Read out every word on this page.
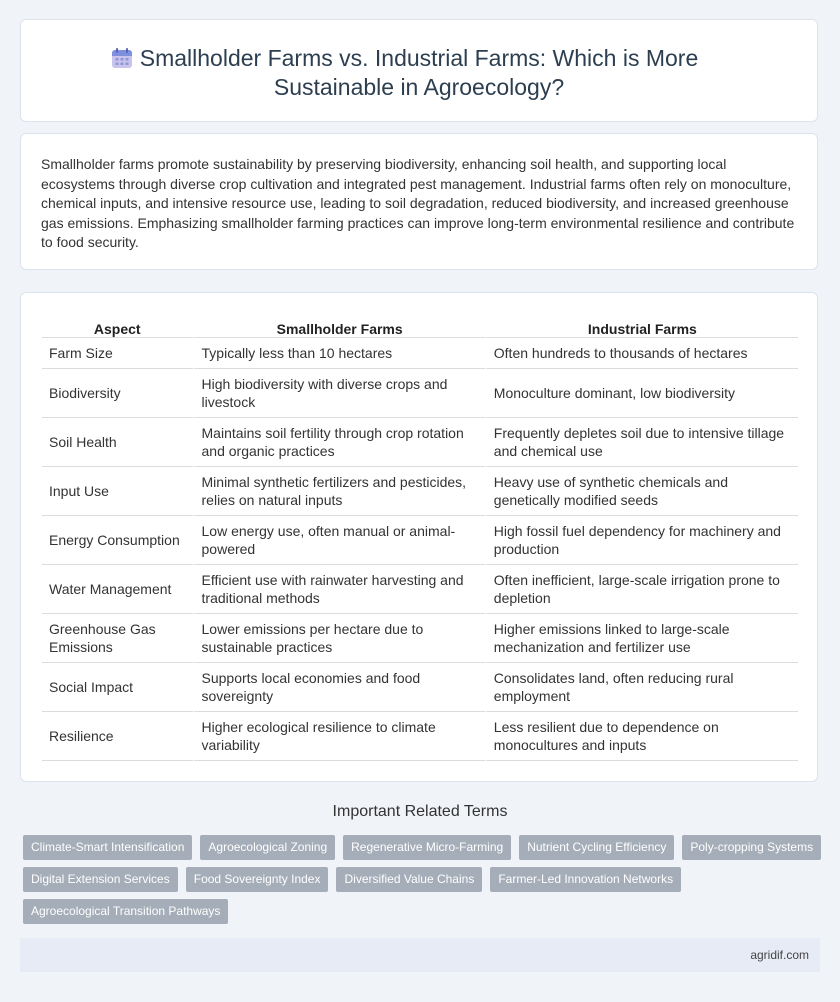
Smallholder Farms vs. Industrial Farms: Which is More
Sustainable in Agroecology?
Smallholder farms promote sustainability by preserving biodiversity, enhancing soil health, and supporting local ecosystems through diverse crop cultivation and integrated pest management. Industrial farms often rely on monoculture, chemical inputs, and intensive resource use, leading to soil degradation, reduced biodiversity, and increased greenhouse gas emissions. Emphasizing smallholder farming practices can improve long-term environmental resilience and contribute to food security.
Aspect	Smallholder Farms	Industrial Farms
Farm Size	Typically less than 10 hectares	Often hundreds to thousands of hectares
Biodiversity	High biodiversity with diverse crops and livestock	Monoculture dominant, low biodiversity
Soil Health	Maintains soil fertility through crop rotation and organic practices	Frequently depletes soil due to intensive tillage and chemical use
Input Use	Minimal synthetic fertilizers and pesticides, relies on natural inputs	Heavy use of synthetic chemicals and genetically modified seeds
Energy Consumption	Low energy use, often manual or animal-powered	High fossil fuel dependency for machinery and production
Water Management	Efficient use with rainwater harvesting and traditional methods	Often inefficient, large-scale irrigation prone to depletion
Greenhouse Gas Emissions	Lower emissions per hectare due to sustainable practices	Higher emissions linked to large-scale mechanization and fertilizer use
Social Impact	Supports local economies and food sovereignty	Consolidates land, often reducing rural employment
Resilience	Higher ecological resilience to climate variability	Less resilient due to dependence on monocultures and inputs
Important Related Terms
Climate-Smart Intensification	Agroecological Zoning	Regenerative Micro-Farming	Nutrient Cycling Efficiency	Poly-cropping Systems
Digital Extension Services	Food Sovereignty Index	Diversified Value Chains	Farmer-Led Innovation Networks
Agroecological Transition Pathways
agridif.com
